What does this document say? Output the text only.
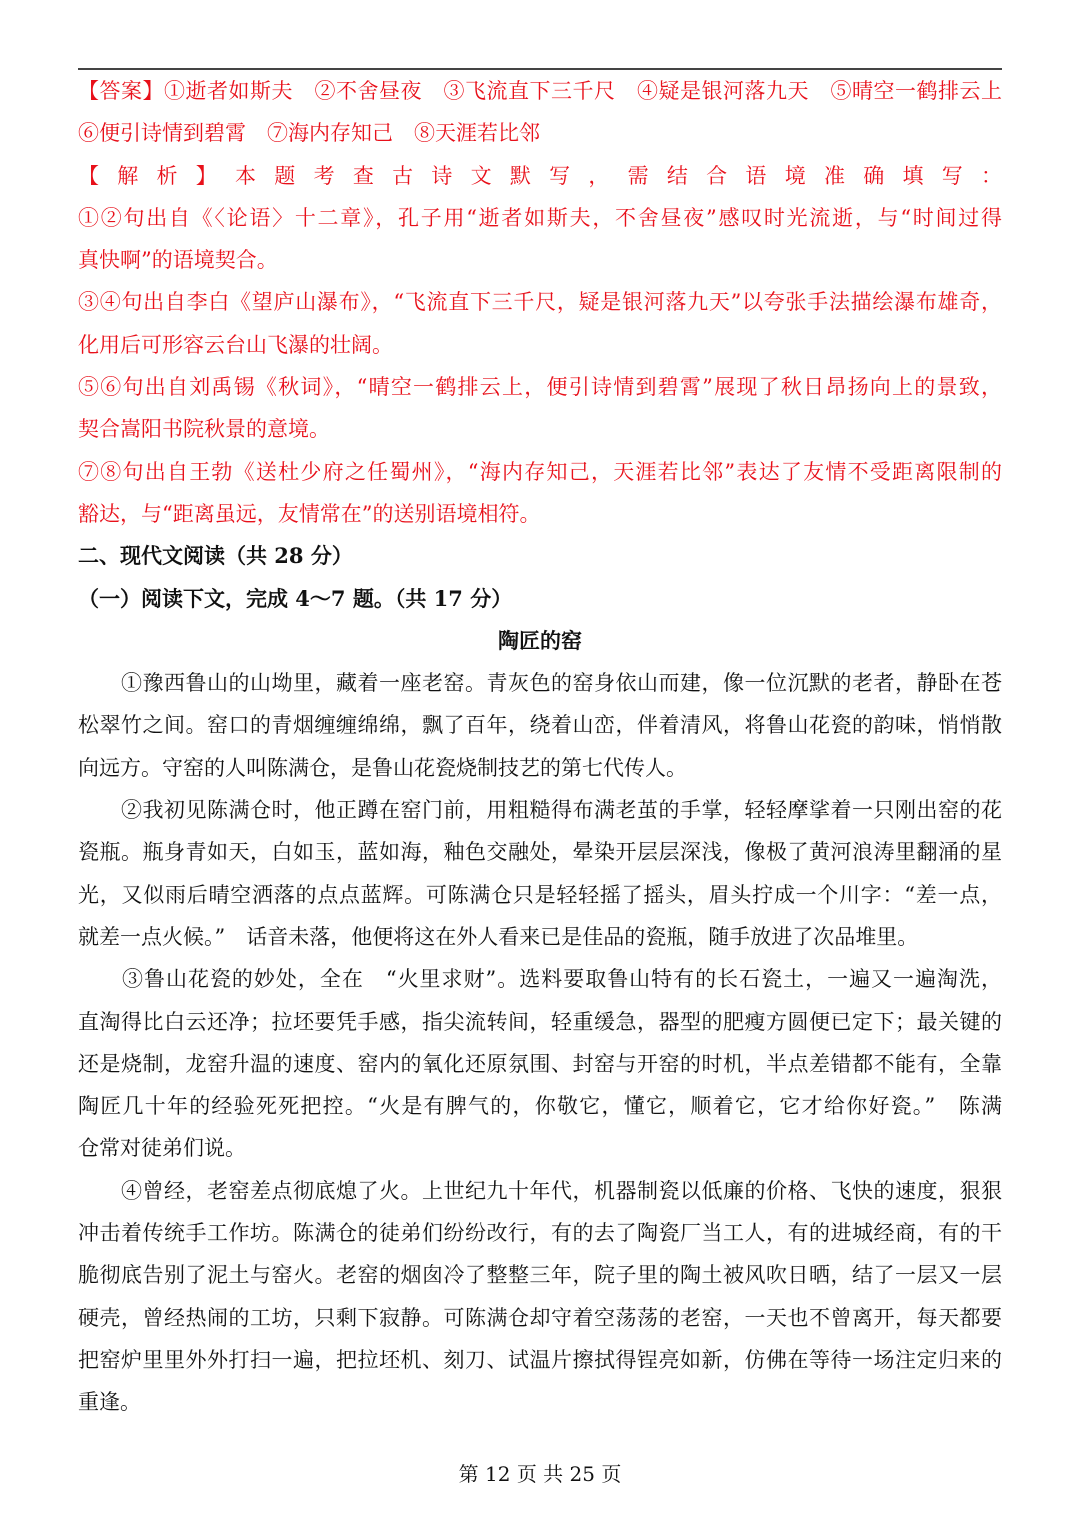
【答案】①逝者如斯夫　②不舍昼夜　③飞流直下三千尺　④疑是银河落九天　⑤晴空一鹤排云上
⑥便引诗情到碧霄　⑦海内存知己　⑧天涯若比邻
【解析】本题考查古诗文默写，需结合语境准确填写：
①②句出自《〈论语〉十二章》，孔子用“逝者如斯夫，不舍昼夜”感叹时光流逝，与“时间过得
真快啊”的语境契合。
③④句出自李白《望庐山瀑布》，“飞流直下三千尺，疑是银河落九天”以夸张手法描绘瀑布雄奇，
化用后可形容云台山飞瀑的壮阔。
⑤⑥句出自刘禹锡《秋词》，“晴空一鹤排云上，便引诗情到碧霄”展现了秋日昂扬向上的景致，
契合嵩阳书院秋景的意境。
⑦⑧句出自王勃《送杜少府之任蜀州》，“海内存知己，天涯若比邻”表达了友情不受距离限制的
豁达，与“距离虽远，友情常在”的送别语境相符。
二、现代文阅读（共 28 分）
（一）阅读下文，完成 4～7 题。（共 17 分）
陶匠的窑
　　①豫西鲁山的山坳里，藏着一座老窑。青灰色的窑身依山而建，像一位沉默的老者，静卧在苍
松翠竹之间。窑口的青烟缠缠绵绵，飘了百年，绕着山峦，伴着清风，将鲁山花瓷的韵味，悄悄散
向远方。守窑的人叫陈满仓，是鲁山花瓷烧制技艺的第七代传人。
　　②我初见陈满仓时，他正蹲在窑门前，用粗糙得布满老茧的手掌，轻轻摩挲着一只刚出窑的花
瓷瓶。瓶身青如天，白如玉，蓝如海，釉色交融处，晕染开层层深浅，像极了黄河浪涛里翻涌的星
光，又似雨后晴空洒落的点点蓝辉。可陈满仓只是轻轻摇了摇头，眉头拧成一个川字：“差一点，
就差一点火候。”　话音未落，他便将这在外人看来已是佳品的瓷瓶，随手放进了次品堆里。
　　③鲁山花瓷的妙处，全在　“火里求财”。选料要取鲁山特有的长石瓷土，一遍又一遍淘洗，
直淘得比白云还净；拉坯要凭手感，指尖流转间，轻重缓急，器型的肥瘦方圆便已定下；最关键的
还是烧制，龙窑升温的速度、窑内的氧化还原氛围、封窑与开窑的时机，半点差错都不能有，全靠
陶匠几十年的经验死死把控。“火是有脾气的，你敬它，懂它，顺着它，它才给你好瓷。”　陈满
仓常对徒弟们说。
　　④曾经，老窑差点彻底熄了火。上世纪九十年代，机器制瓷以低廉的价格、飞快的速度，狠狠
冲击着传统手工作坊。陈满仓的徒弟们纷纷改行，有的去了陶瓷厂当工人，有的进城经商，有的干
脆彻底告别了泥土与窑火。老窑的烟囱冷了整整三年，院子里的陶土被风吹日晒，结了一层又一层
硬壳，曾经热闹的工坊，只剩下寂静。可陈满仓却守着空荡荡的老窑，一天也不曾离开，每天都要
把窑炉里里外外打扫一遍，把拉坯机、刻刀、试温片擦拭得锃亮如新，仿佛在等待一场注定归来的
重逢。
第 12 页 共 25 页
